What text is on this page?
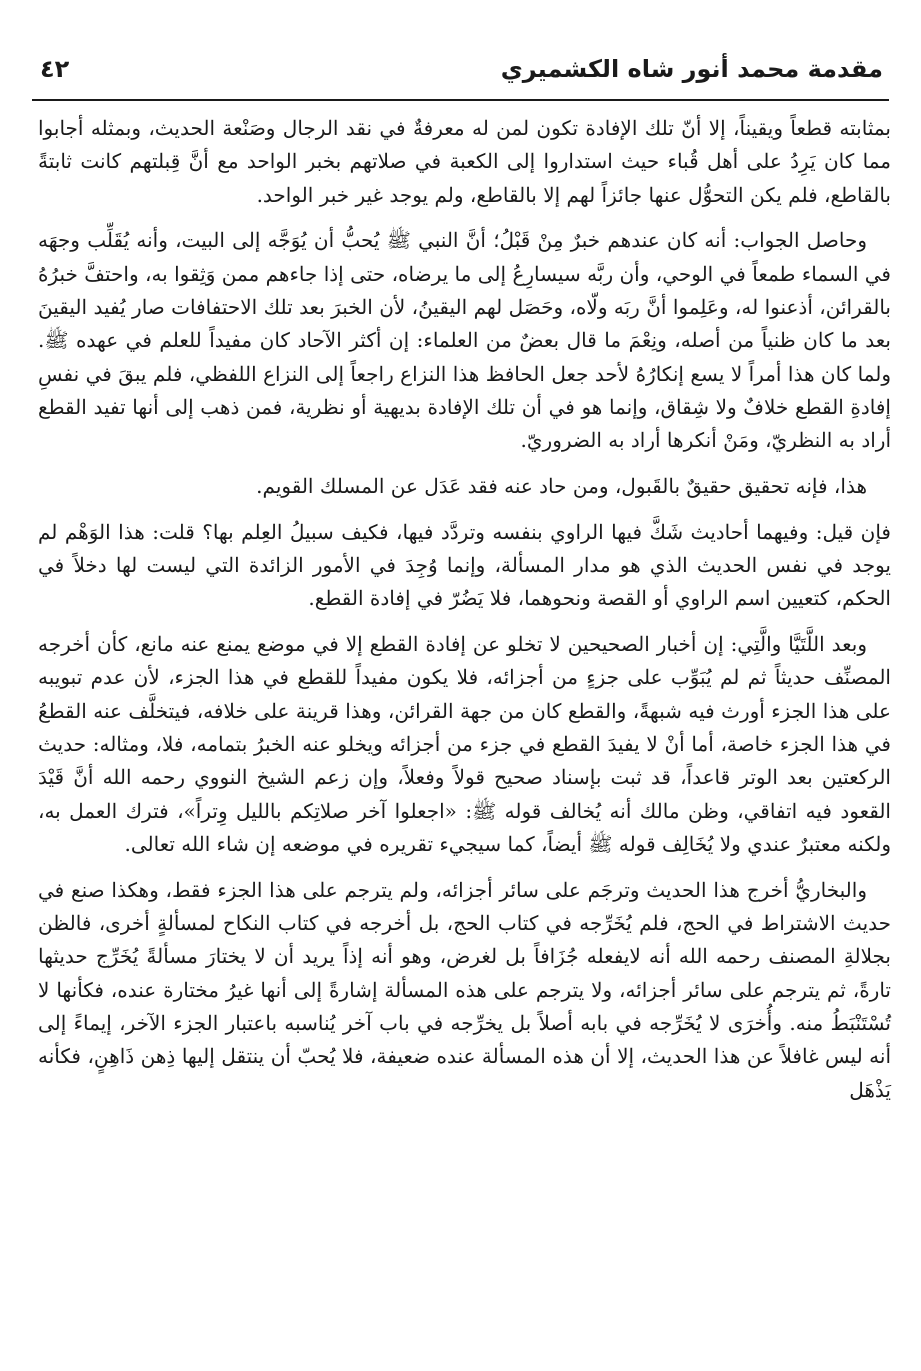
مقدمة محمد أنور شاه الكشميري
٤٢

بمثابته قطعاً ويقيناً، إلا أنّ تلك الإفادة تكون لمن له معرفةٌ في نقد الرجال وصَنْعة الحديث، وبمثله أجابوا مما كان يَرِدُ على أهل قُباء حيث استداروا إلى الكعبة في صلاتهم بخبر الواحد مع أنَّ قِبلتهم كانت ثابتةً بالقاطع، فلم يكن التحوُّل عنها جائزاً لهم إلا بالقاطع، ولم يوجد غير خبر الواحد.

وحاصل الجواب: أنه كان عندهم خبرٌ مِنْ قَبْلُ؛ أنَّ النبي ﷺ يُحبُّ أن يُوَجَّه إلى البيت، وأنه يُقَلِّب وجهَه في السماء طمعاً في الوحي، وأن ربَّه سيسارِعُ إلى ما يرضاه، حتى إذا جاءهم ممن وَثِقوا به، واحتفَّ خبرُهُ بالقرائن، أذعنوا له، وعَلِموا أنَّ ربَه ولّاه، وحَصَل لهم اليقينُ، لأن الخبرَ بعد تلك الاحتفافات صار يُفيد اليقينَ بعد ما كان ظنياً من أصله، ونِعْمَ ما قال بعضٌ من العلماء: إن أكثر الآحاد كان مفيداً للعلم في عهده ﷺ. ولما كان هذا أمراً لا يسع إنكارُهُ لأحد جعل الحافظ هذا النزاع راجعاً إلى النزاع اللفظي، فلم يبقَ في نفسِ إفادةِ القطع خلافٌ ولا شِقاق، وإنما هو في أن تلك الإفادة بديهية أو نظرية، فمن ذهب إلى أنها تفيد القطع أراد به النظريّ، ومَنْ أنكرها أراد به الضروريّ.

هذا، فإنه تحقيق حقيقٌ بالقَبول، ومن حاد عنه فقد عَدَل عن المسلك القويم.

فإن قيل: وفيهما أحاديث شَكَّ فيها الراوي بنفسه وتردَّد فيها، فكيف سبيلُ العِلم بها؟ قلت: هذا الوَهْم لم يوجد في نفس الحديث الذي هو مدار المسألة، وإنما وُجِدَ في الأمور الزائدة التي ليست لها دخلاً في الحكم، كتعيين اسم الراوي أو القصة ونحوهما، فلا يَضُرّ في إفادة القطع.

وبعد اللَّتَيَّا والَّتِي: إن أخبار الصحيحين لا تخلو عن إفادة القطع إلا في موضع يمنع عنه مانع، كأن أخرجه المصنِّف حديثاً ثم لم يُبَوِّب على جزءٍ من أجزائه، فلا يكون مفيداً للقطع في هذا الجزء، لأن عدم تبويبه على هذا الجزء أورث فيه شبهةً، والقطع كان من جهة القرائن، وهذا قرينة على خلافه، فيتخلَّف عنه القطعُ في هذا الجزء خاصة، أما أنْ لا يفيدَ القطع في جزء من أجزائه ويخلو عنه الخبرُ بتمامه، فلا، ومثاله: حديث الركعتين بعد الوتر قاعداً، قد ثبت بإسناد صحيح قولاً وفعلاً، وإن زعم الشيخ النووي رحمه الله أنَّ قَيْدَ القعود فيه اتفاقي، وظن مالك أنه يُخالف قوله ﷺ: «اجعلوا آخر صلاتِكم بالليل وِتراً»، فترك العمل به، ولكنه معتبرٌ عندي ولا يُخَالِف قوله ﷺ أيضاً، كما سيجيء تقريره في موضعه إن شاء الله تعالى.

والبخاريُّ أخرج هذا الحديث وترجَم على سائر أجزائه، ولم يترجم على هذا الجزء فقط، وهكذا صنع في حديث الاشتراط في الحج، فلم يُخَرِّجه في كتاب الحج، بل أخرجه في كتاب النكاح لمسألةٍ أخرى، فالظن بجلالةِ المصنف رحمه الله أنه لايفعله جُزَافاً بل لغرض، وهو أنه إذاً يريد أن لا يختارَ مسألةً يُخَرِّج حديثها تارةً، ثم يترجم على سائر أجزائه، ولا يترجم على هذه المسألة إشارةً إلى أنها غيرُ مختارة عنده، فكأنها لا تُسْتَنْبَطُ منه. وأُخرَى لا يُخَرِّجه في بابه أصلاً بل يخرِّجه في باب آخر يُناسبه باعتبار الجزء الآخر، إيماءً إلى أنه ليس غافلاً عن هذا الحديث، إلا أن هذه المسألة عنده ضعيفة، فلا يُحبّ أن ينتقل إليها ذِهن ذَاهِنٍ، فكأنه يَذْهَل
